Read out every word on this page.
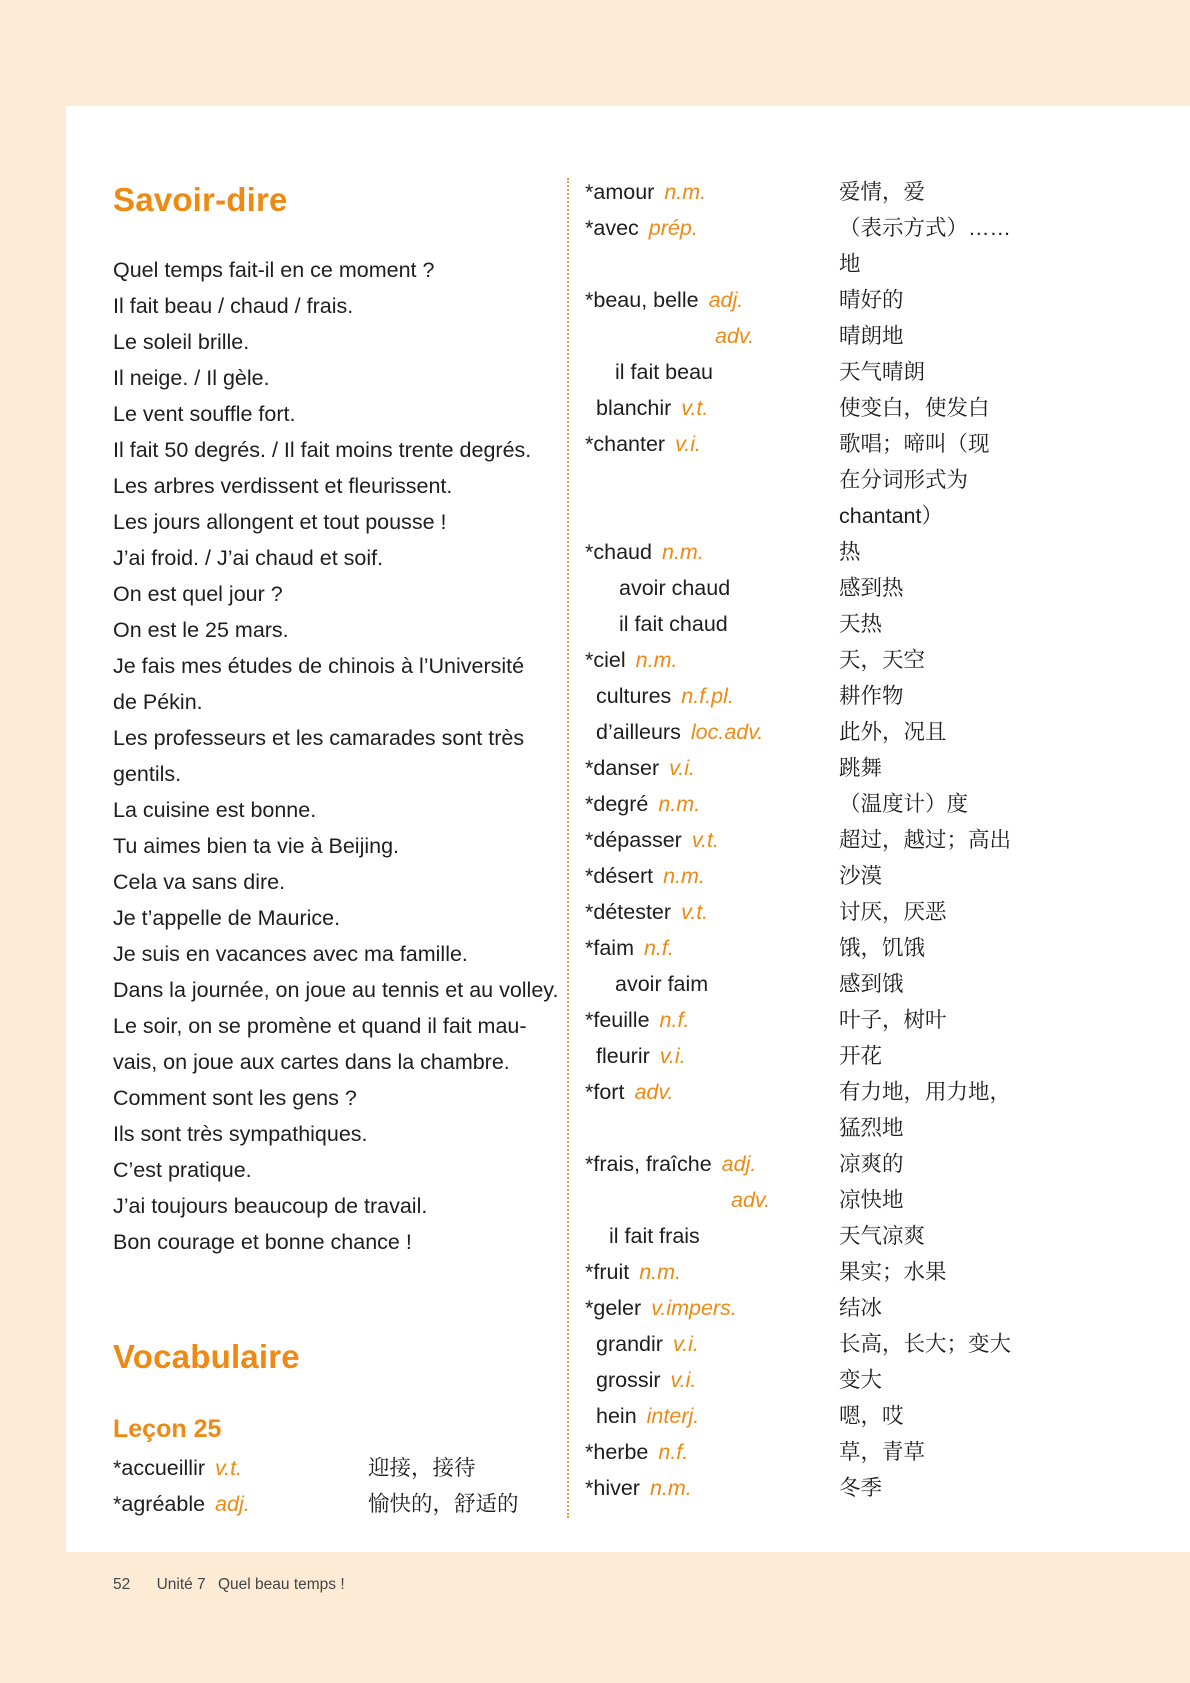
Savoir-dire
Quel temps fait-il en ce moment ?
Il fait beau / chaud / frais.
Le soleil brille.
Il neige. / Il gèle.
Le vent souffle fort.
Il fait 50 degrés. / Il fait moins trente degrés.
Les arbres verdissent et fleurissent.
Les jours allongent et tout pousse !
J’ai froid. / J’ai chaud et soif.
On est quel jour ?
On est le 25 mars.
Je fais mes études de chinois à l’Université
de Pékin.
Les professeurs et les camarades sont très
gentils.
La cuisine est bonne.
Tu aimes bien ta vie à Beijing.
Cela va sans dire.
Je t’appelle de Maurice.
Je suis en vacances avec ma famille.
Dans la journée, on joue au tennis et au volley.
Le soir, on se promène et quand il fait mau-
vais, on joue aux cartes dans la chambre.
Comment sont les gens ?
Ils sont très sympathiques.
C’est pratique.
J’ai toujours beaucoup de travail.
Bon courage et bonne chance !
Vocabulaire
Leçon 25
*accueillir v.t.	迎接，接待
*agréable adj.	愉快的，舒适的
*amour n.m.	爱情，爱
*avec prép.	（表示方式）……
地
*beau, belle adj.	晴好的
adv.	晴朗地
il fait beau	天气晴朗
blanchir v.t.	使变白，使发白
*chanter v.i.	歌唱；啼叫（现
在分词形式为
chantant）
*chaud n.m.	热
avoir chaud	感到热
il fait chaud	天热
*ciel n.m.	天，天空
cultures n.f.pl.	耕作物
d’ailleurs loc.adv.	此外，况且
*danser v.i.	跳舞
*degré n.m.	（温度计）度
*dépasser v.t.	超过，越过；高出
*désert n.m.	沙漠
*détester v.t.	讨厌，厌恶
*faim n.f.	饿，饥饿
avoir faim	感到饿
*feuille n.f.	叶子，树叶
fleurir v.i.	开花
*fort adv.	有力地，用力地，
猛烈地
*frais, fraîche adj.	凉爽的
adv.	凉快地
il fait frais	天气凉爽
*fruit n.m.	果实；水果
*geler v.impers.	结冰
grandir v.i.	长高，长大；变大
grossir v.i.	变大
hein interj.	嗯，哎
*herbe n.f.	草，青草
*hiver n.m.	冬季
52 Unité 7 Quel beau temps !
